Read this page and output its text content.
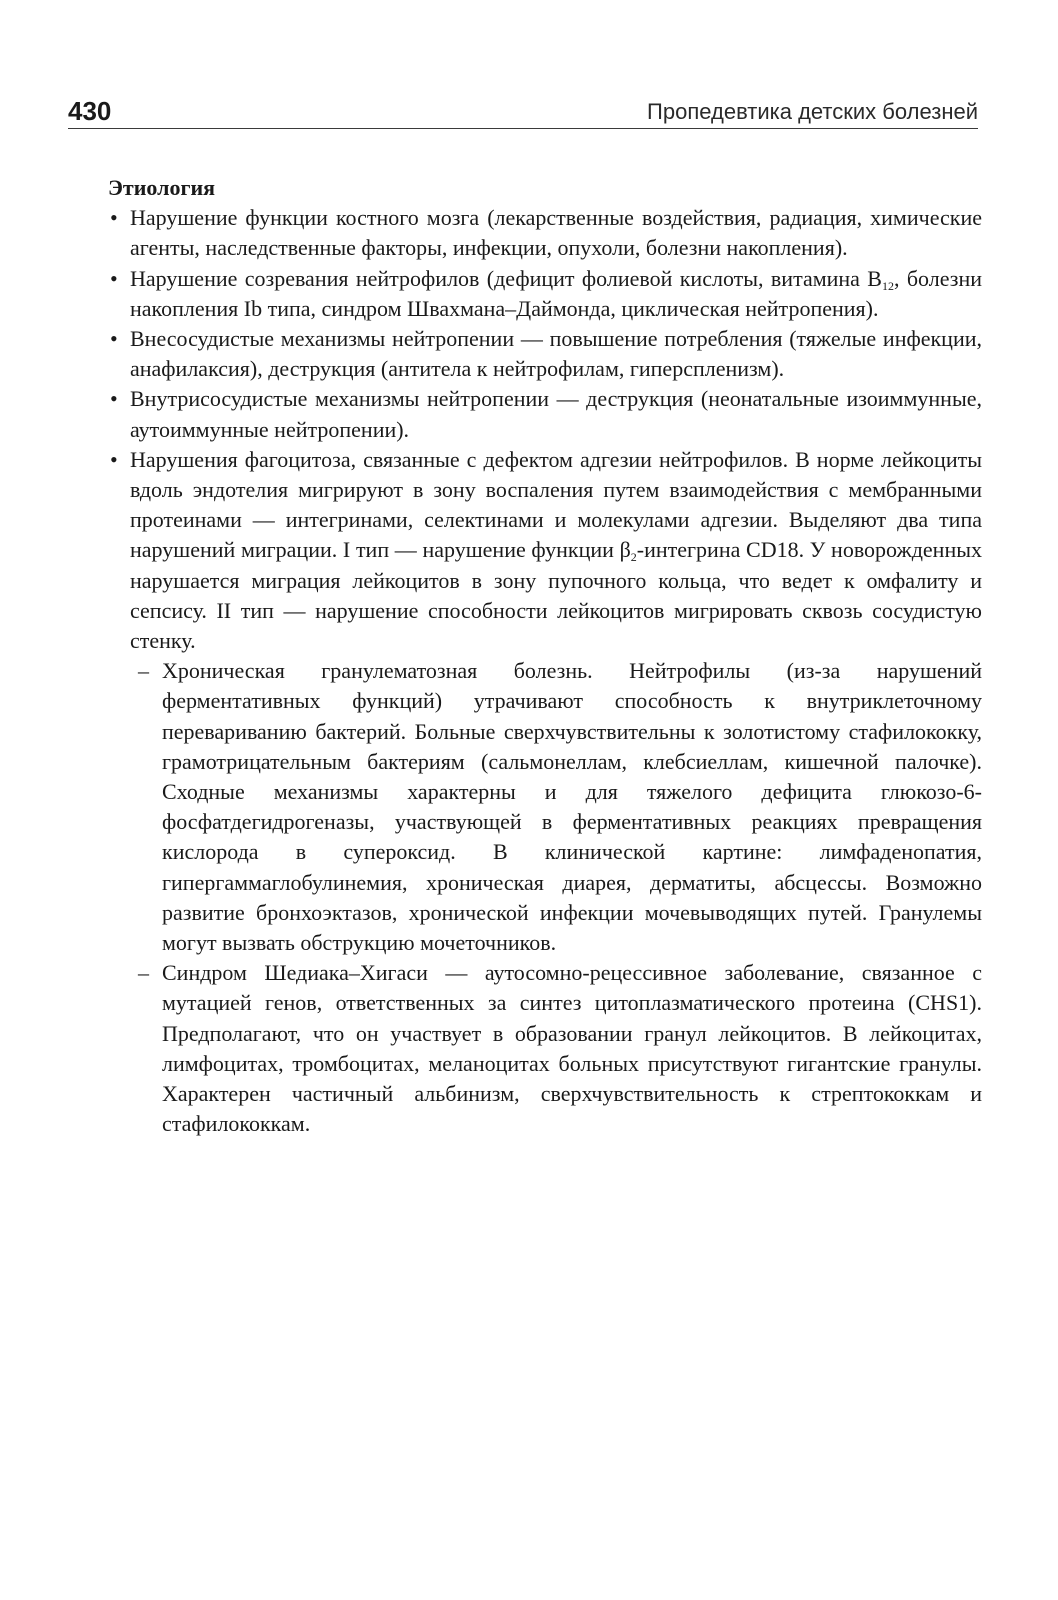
430	Пропедевтика детских болезней
Этиология
• Нарушение функции костного мозга (лекарственные воздействия, радиация, химические агенты, наследственные факторы, инфекции, опухоли, болезни накопления).
• Нарушение созревания нейтрофилов (дефицит фолиевой кислоты, витамина $B_{12}$, болезни накопления Ib типа, синдром Швахмана–Даймонда, циклическая нейтропения).
• Внесосудистые механизмы нейтропении — повышение потребления (тяжелые инфекции, анафилаксия), деструкция (антитела к нейтрофилам, гиперспленизм).
• Внутрисосудистые механизмы нейтропении — деструкция (неонатальные изоиммунные, аутоиммунные нейтропении).
• Нарушения фагоцитоза, связанные с дефектом адгезии нейтрофилов. В норме лейкоциты вдоль эндотелия мигрируют в зону воспаления путем взаимодействия с мембранными протеинами — интегринами, селектинами и молекулами адгезии. Выделяют два типа нарушений миграции. I тип — нарушение функции $\beta_2$-интегрина CD18. У новорожденных нарушается миграция лейкоцитов в зону пупочного кольца, что ведет к омфалиту и сепсису. II тип — нарушение способности лейкоцитов мигрировать сквозь сосудистую стенку.
– Хроническая гранулематозная болезнь. Нейтрофилы (из-за нарушений ферментативных функций) утрачивают способность к внутриклеточному перевариванию бактерий. Больные сверхчувствительны к золотистому стафилококку, грамотрицательным бактериям (сальмонеллам, клебсиеллам, кишечной палочке). Сходные механизмы характерны и для тяжелого дефицита глюкозо-6-фосфатдегидрогеназы, участвующей в ферментативных реакциях превращения кислорода в супероксид. В клинической картине: лимфаденопатия, гипергаммаглобулинемия, хроническая диарея, дерматиты, абсцессы. Возможно развитие бронхоэктазов, хронической инфекции мочевыводящих путей. Гранулемы могут вызвать обструкцию мочеточников.
– Синдром Шедиака–Хигаси — аутосомно-рецессивное заболевание, связанное с мутацией генов, ответственных за синтез цитоплазматического протеина (CHS1). Предполагают, что он участвует в образовании гранул лейкоцитов. В лейкоцитах, лимфоцитах, тромбоцитах, меланоцитах больных присутствуют гигантские гранулы. Характерен частичный альбинизм, сверхчувствительность к стрептококкам и стафилококкам.
